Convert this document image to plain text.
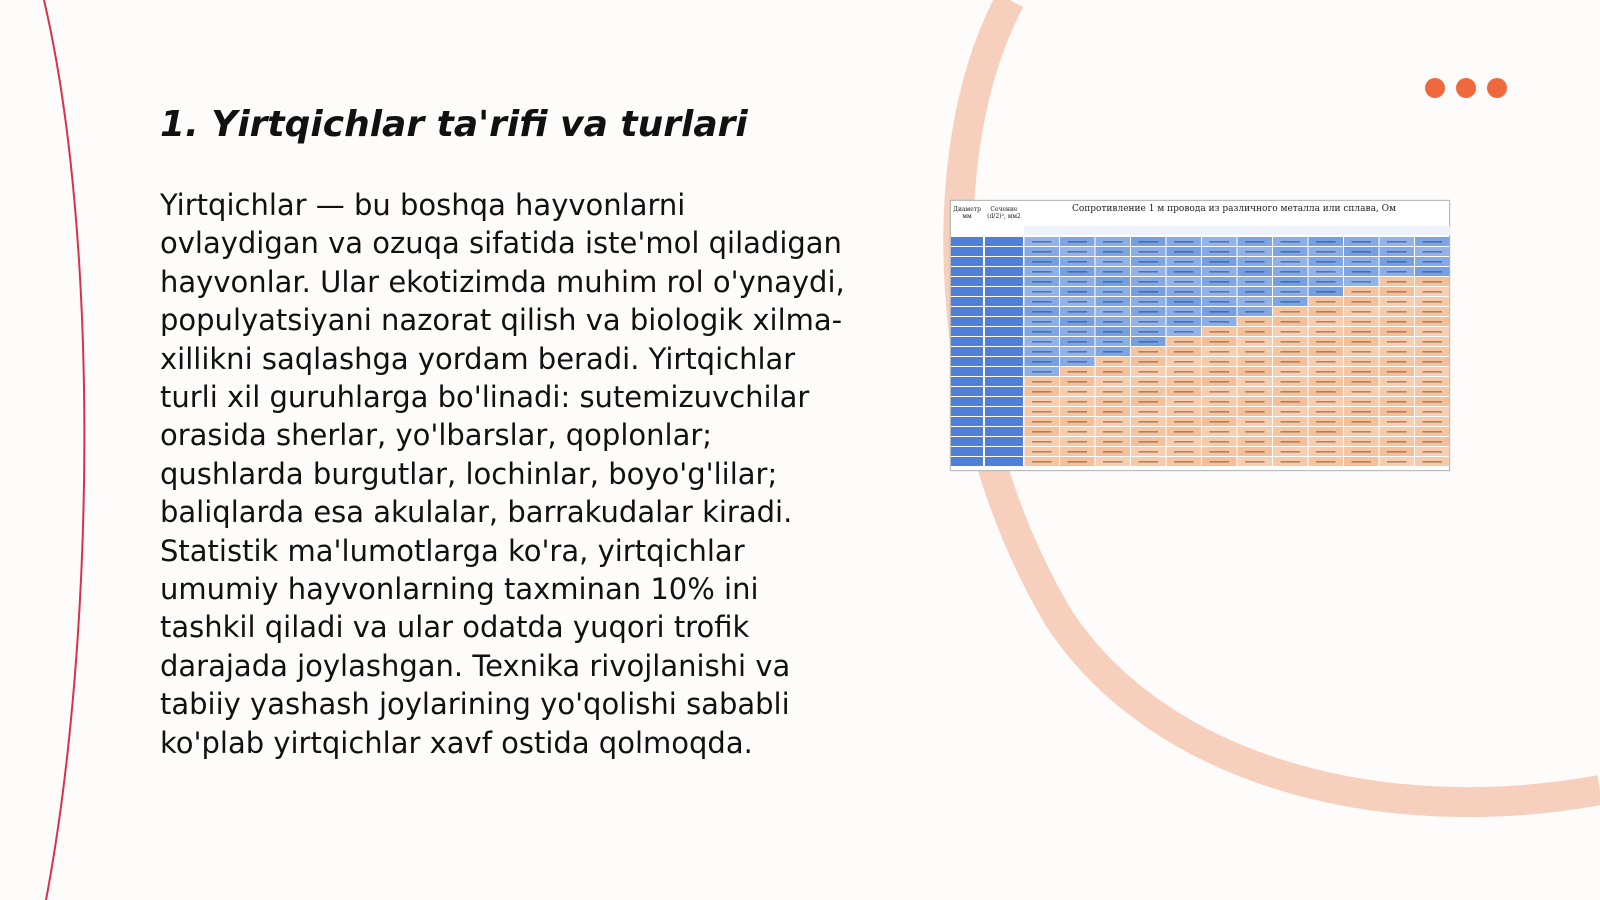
1. Yirtqichlar ta'rifi va turlari

Yirtqichlar — bu boshqa hayvonlarni ovlaydigan va ozuqa sifatida iste'mol qiladigan hayvonlar. Ular ekotizimda muhim rol o'ynaydi, populyatsiyani nazorat qilish va biologik xilma-xillikni saqlashga yordam beradi. Yirtqichlar turli xil guruhlarga bo'linadi: sutemizuvchilar orasida sherlar, yo'lbarslar, qoplonlar; qushlarda burgutlar, lochinlar, boyo'g'lilar; baliqlarda esa akulalar, barrakudalar kiradi. Statistik ma'lumotlarga ko'ra, yirtqichlar umumiy hayvonlarning taxminan 10% ini tashkil qiladi va ular odatda yuqori trofik darajada joylashgan. Texnika rivojlanishi va tabiiy yashash joylarining yo'qolishi sababli ko'plab yirtqichlar xavf ostida qolmoqda.

Сопротивление 1 м провода из различного металла или сплава, Ом
Диаметр мм
Сечение (d/2)², мм2
